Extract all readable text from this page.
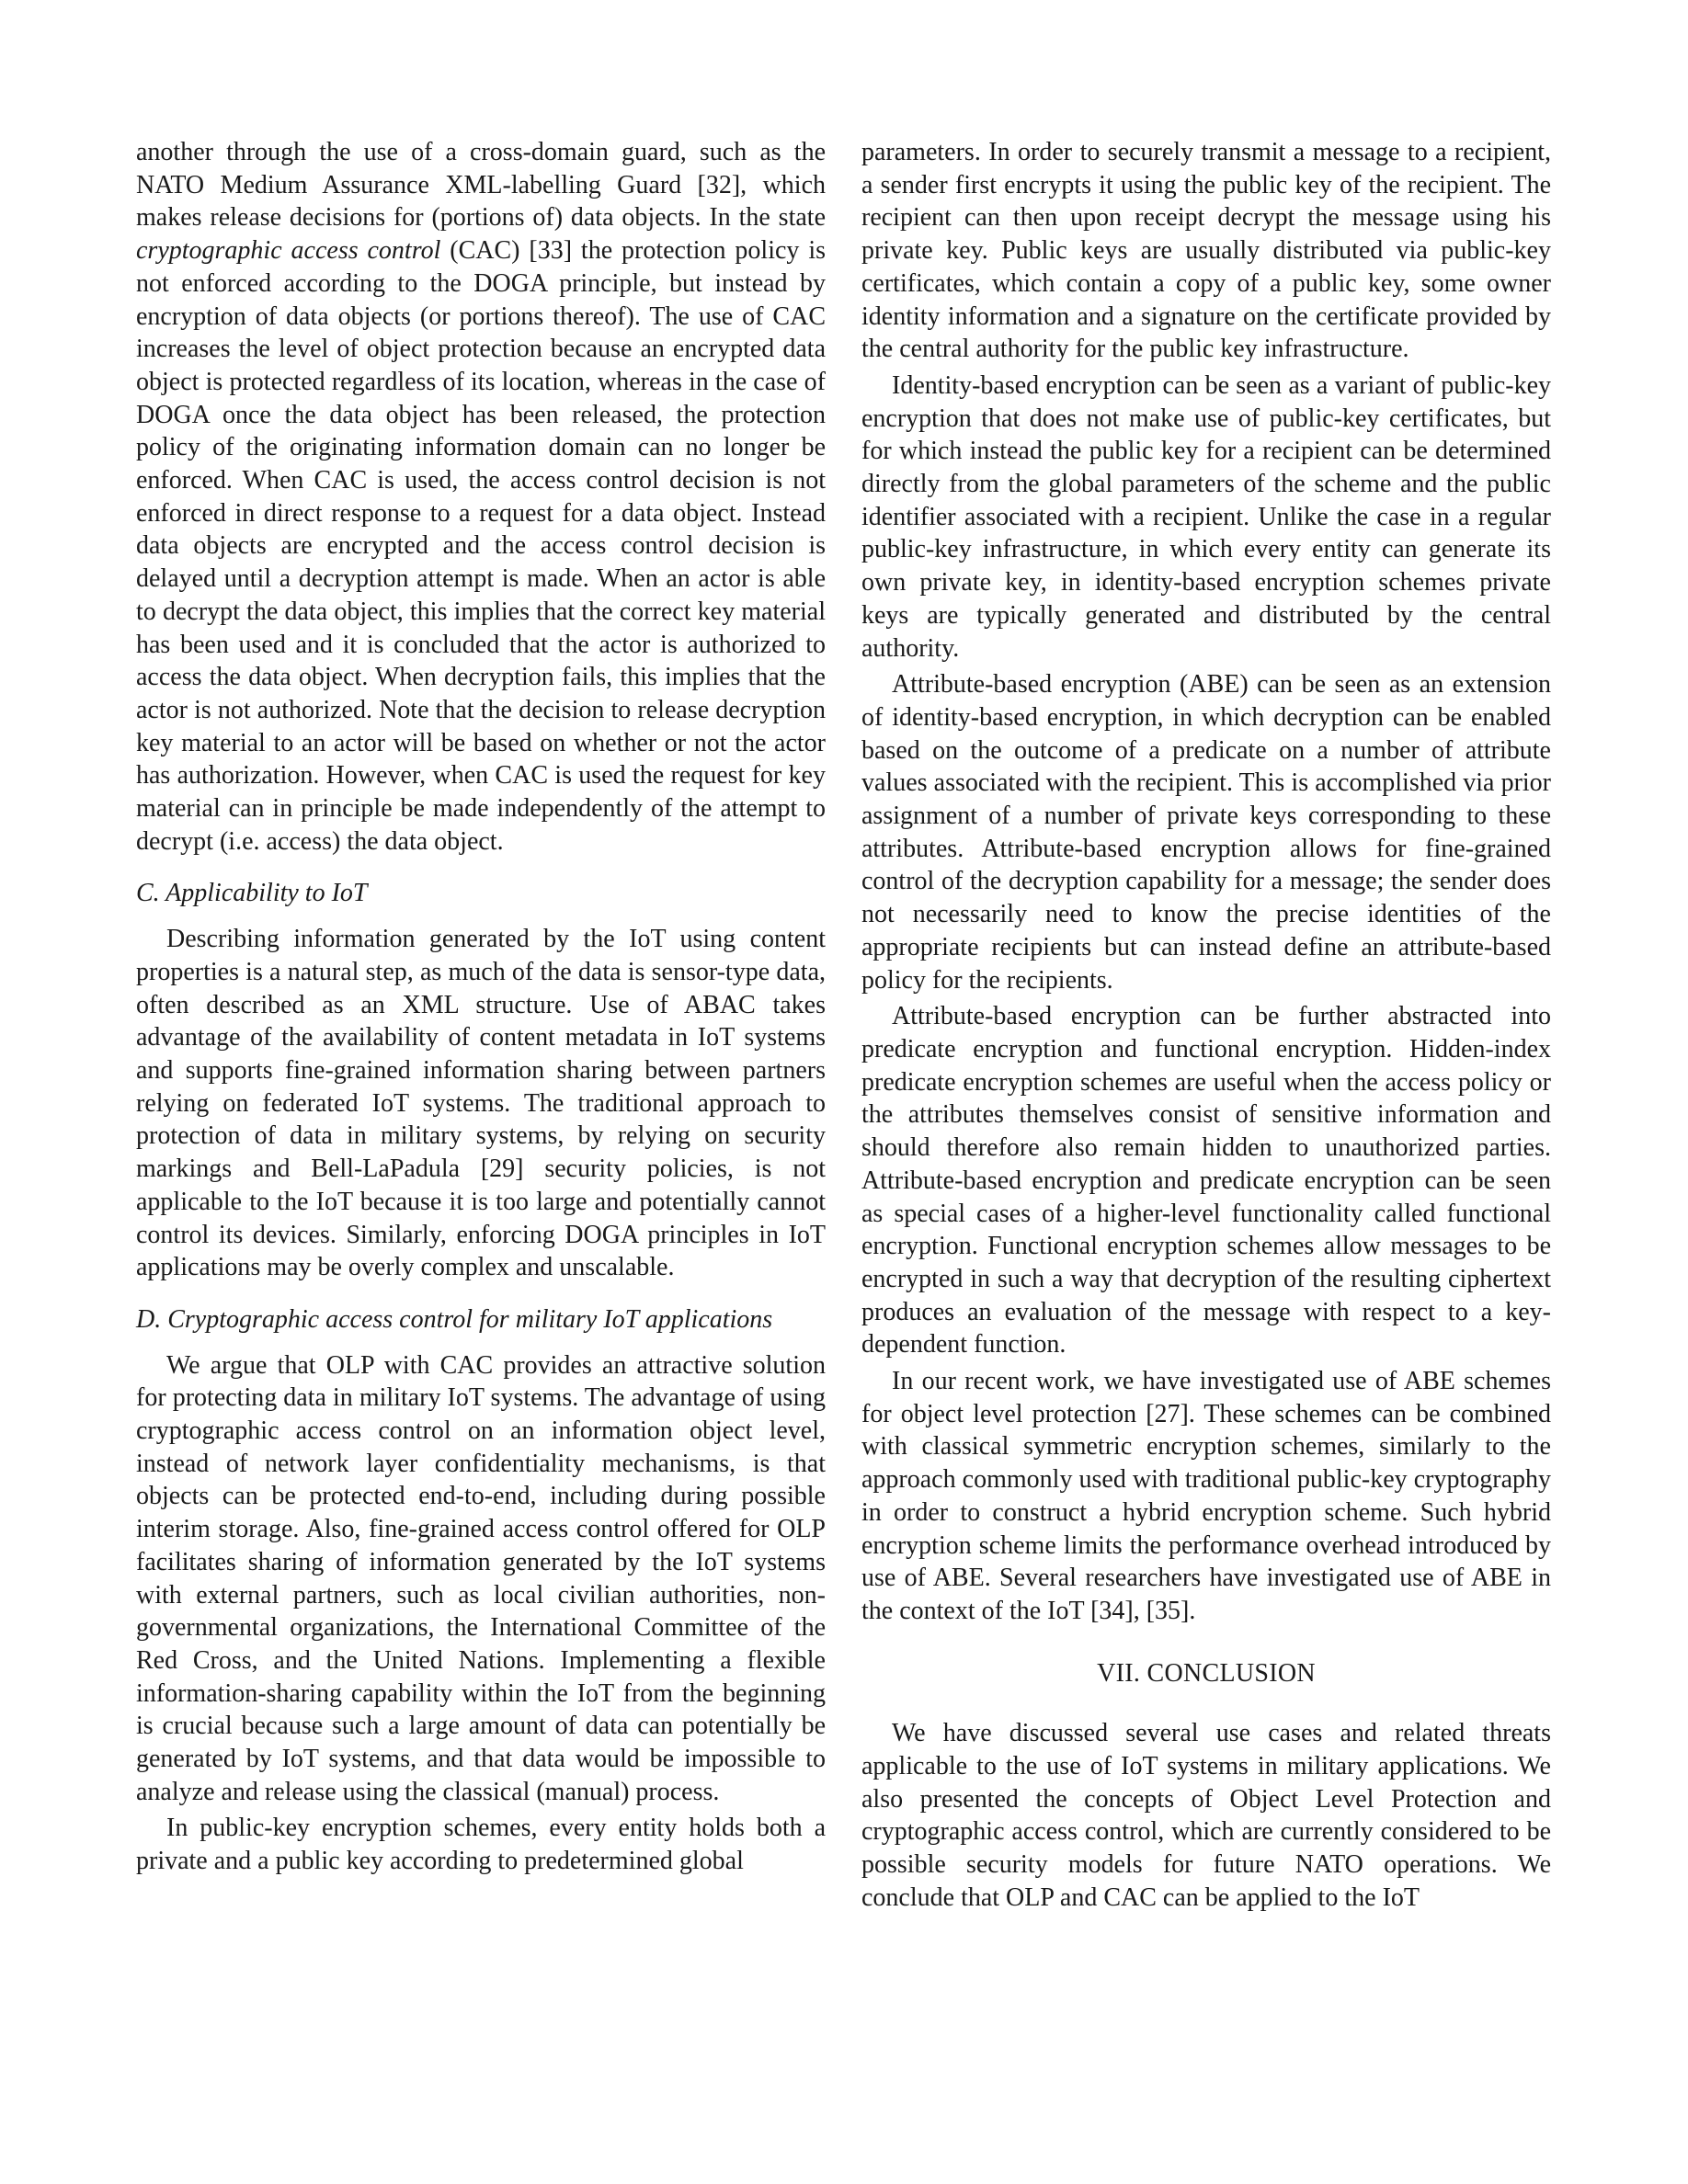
another through the use of a cross-domain guard, such as the NATO Medium Assurance XML-labelling Guard [32], which makes release decisions for (portions of) data objects. In the state cryptographic access control (CAC) [33] the protection policy is not enforced according to the DOGA principle, but instead by encryption of data objects (or portions thereof). The use of CAC increases the level of object protection because an encrypted data object is protected regardless of its location, whereas in the case of DOGA once the data object has been released, the protection policy of the originating information domain can no longer be enforced. When CAC is used, the access control decision is not enforced in direct response to a request for a data object. Instead data objects are encrypted and the access control decision is delayed until a decryption attempt is made. When an actor is able to decrypt the data object, this implies that the correct key material has been used and it is concluded that the actor is authorized to access the data object. When decryption fails, this implies that the actor is not authorized. Note that the decision to release decryption key material to an actor will be based on whether or not the actor has authorization. However, when CAC is used the request for key material can in principle be made independently of the attempt to decrypt (i.e. access) the data object.

C. Applicability to IoT

Describing information generated by the IoT using content properties is a natural step, as much of the data is sensor-type data, often described as an XML structure. Use of ABAC takes advantage of the availability of content metadata in IoT systems and supports fine-grained information sharing between partners relying on federated IoT systems. The traditional approach to protection of data in military systems, by relying on security markings and Bell-LaPadula [29] security policies, is not applicable to the IoT because it is too large and potentially cannot control its devices. Similarly, enforcing DOGA principles in IoT applications may be overly complex and unscalable.

D. Cryptographic access control for military IoT applications

We argue that OLP with CAC provides an attractive solution for protecting data in military IoT systems. The advantage of using cryptographic access control on an information object level, instead of network layer confidentiality mechanisms, is that objects can be protected end-to-end, including during possible interim storage. Also, fine-grained access control offered for OLP facilitates sharing of information generated by the IoT systems with external partners, such as local civilian authorities, non-governmental organizations, the International Committee of the Red Cross, and the United Nations. Implementing a flexible information-sharing capability within the IoT from the beginning is crucial because such a large amount of data can potentially be generated by IoT systems, and that data would be impossible to analyze and release using the classical (manual) process.

In public-key encryption schemes, every entity holds both a private and a public key according to predetermined global

parameters. In order to securely transmit a message to a recipient, a sender first encrypts it using the public key of the recipient. The recipient can then upon receipt decrypt the message using his private key. Public keys are usually distributed via public-key certificates, which contain a copy of a public key, some owner identity information and a signature on the certificate provided by the central authority for the public key infrastructure.

Identity-based encryption can be seen as a variant of public-key encryption that does not make use of public-key certificates, but for which instead the public key for a recipient can be determined directly from the global parameters of the scheme and the public identifier associated with a recipient. Unlike the case in a regular public-key infrastructure, in which every entity can generate its own private key, in identity-based encryption schemes private keys are typically generated and distributed by the central authority.

Attribute-based encryption (ABE) can be seen as an extension of identity-based encryption, in which decryption can be enabled based on the outcome of a predicate on a number of attribute values associated with the recipient. This is accomplished via prior assignment of a number of private keys corresponding to these attributes. Attribute-based encryption allows for fine-grained control of the decryption capability for a message; the sender does not necessarily need to know the precise identities of the appropriate recipients but can instead define an attribute-based policy for the recipients.

Attribute-based encryption can be further abstracted into predicate encryption and functional encryption. Hidden-index predicate encryption schemes are useful when the access policy or the attributes themselves consist of sensitive information and should therefore also remain hidden to unauthorized parties. Attribute-based encryption and predicate encryption can be seen as special cases of a higher-level functionality called functional encryption. Functional encryption schemes allow messages to be encrypted in such a way that decryption of the resulting ciphertext produces an evaluation of the message with respect to a key-dependent function.

In our recent work, we have investigated use of ABE schemes for object level protection [27]. These schemes can be combined with classical symmetric encryption schemes, similarly to the approach commonly used with traditional public-key cryptography in order to construct a hybrid encryption scheme. Such hybrid encryption scheme limits the performance overhead introduced by use of ABE. Several researchers have investigated use of ABE in the context of the IoT [34], [35].

VII. CONCLUSION

We have discussed several use cases and related threats applicable to the use of IoT systems in military applications. We also presented the concepts of Object Level Protection and cryptographic access control, which are currently considered to be possible security models for future NATO operations. We conclude that OLP and CAC can be applied to the IoT
